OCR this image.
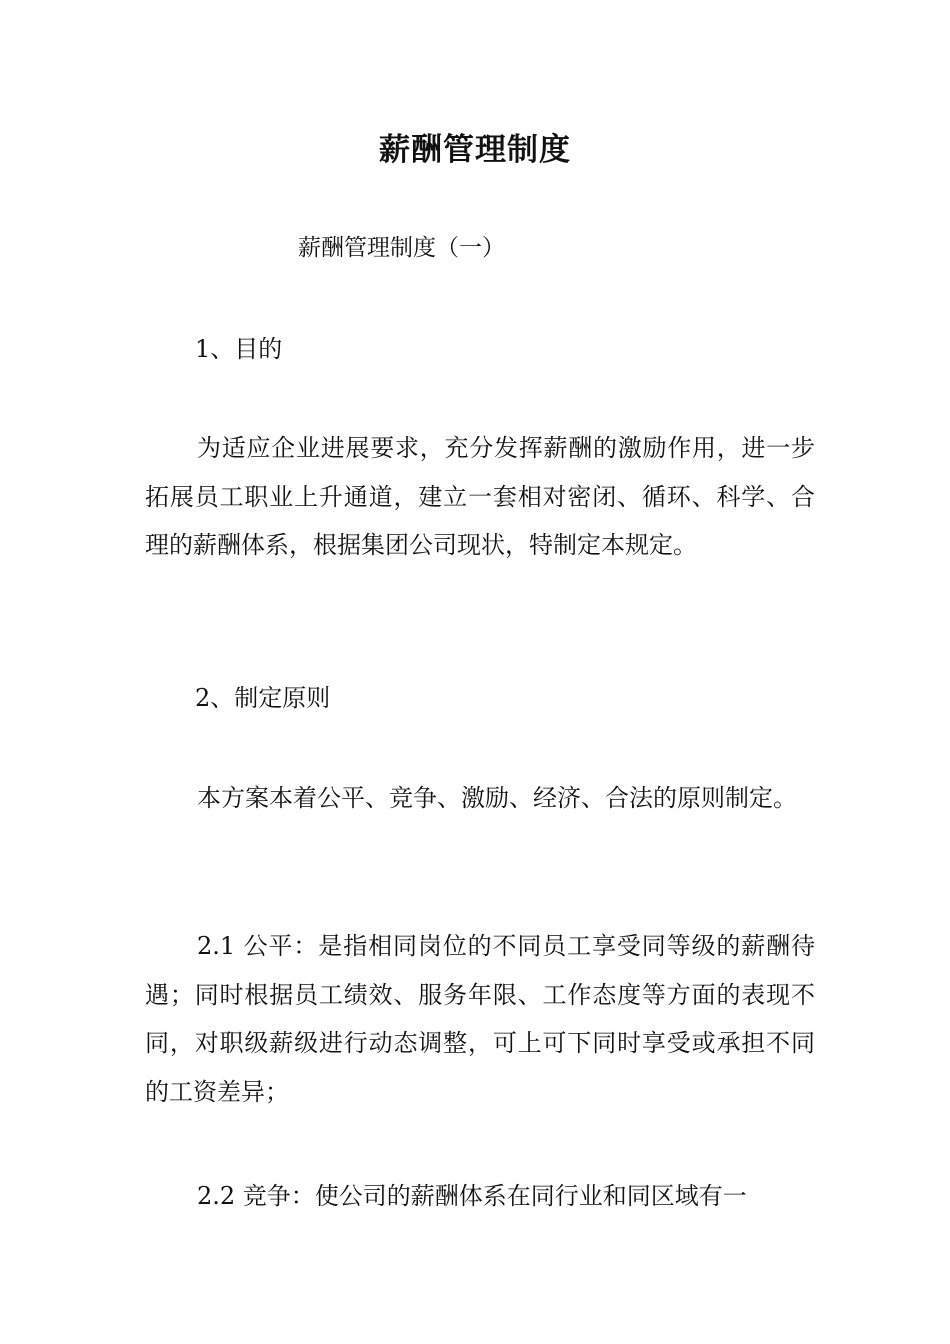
薪酬管理制度
薪酬管理制度（一）
1、目的

为适应企业进展要求，充分发挥薪酬的激励作用，进一步拓展员工职业上升通道，建立一套相对密闭、循环、科学、合理的薪酬体系，根据集团公司现状，特制定本规定。

2、制定原则

本方案本着公平、竞争、激励、经济、合法的原则制定。

2.1 公平：是指相同岗位的不同员工享受同等级的薪酬待遇；同时根据员工绩效、服务年限、工作态度等方面的表现不同，对职级薪级进行动态调整，可上可下同时享受或承担不同的工资差异；

2.2 竞争：使公司的薪酬体系在同行业和同区域有一
